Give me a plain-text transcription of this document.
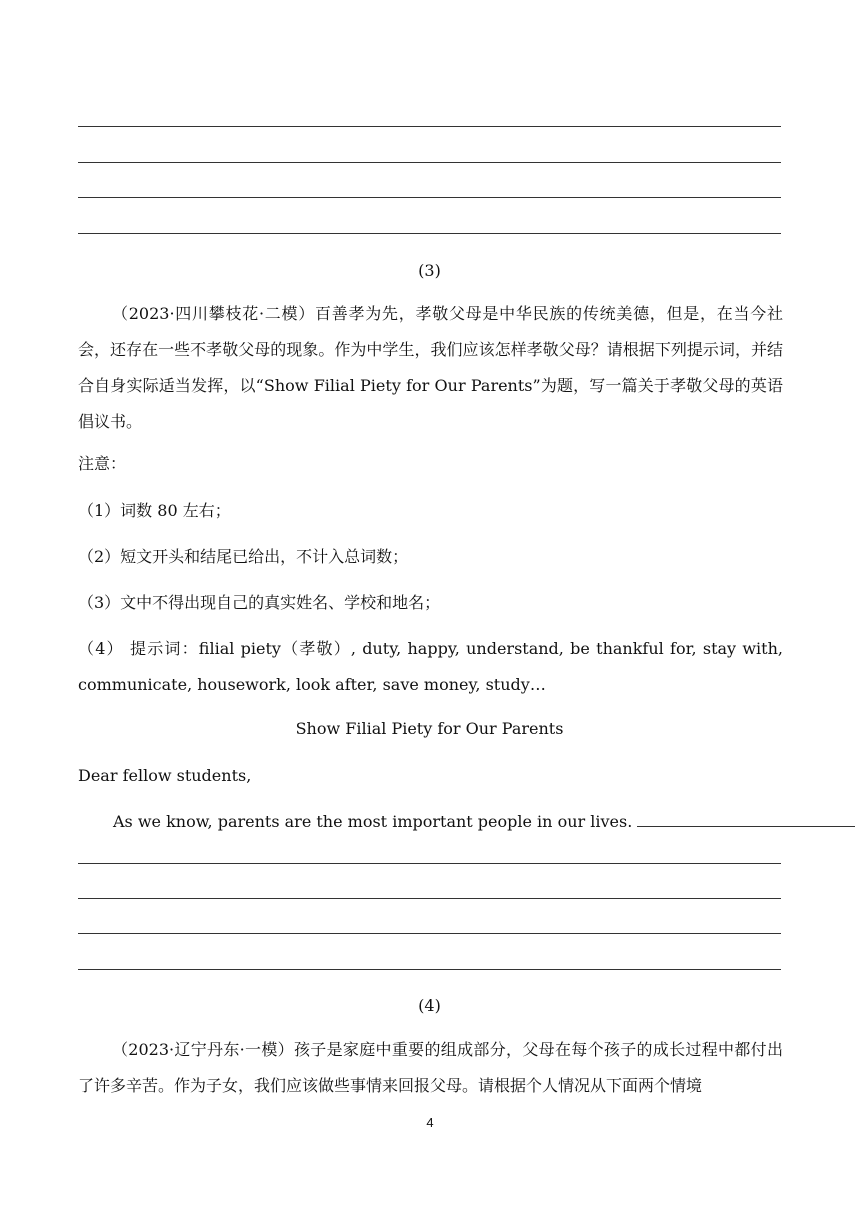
(3)

（2023·四川攀枝花·二模）百善孝为先，孝敬父母是中华民族的传统美德，但是，在当今社会，还存在一些不孝敬父母的现象。作为中学生，我们应该怎样孝敬父母？请根据下列提示词，并结合自身实际适当发挥，以“Show Filial Piety for Our Parents”为题，写一篇关于孝敬父母的英语倡议书。

注意：

（1）词数 80 左右；

（2）短文开头和结尾已给出，不计入总词数；

（3）文中不得出现自己的真实姓名、学校和地名；

（4） 提示词：filial piety（孝敬）, duty, happy, understand, be thankful for, stay with, communicate, housework, look after, save money, study…

Show Filial Piety for Our Parents

Dear fellow students,

As we know, parents are the most important people in our lives.

(4)

（2023·辽宁丹东·一模）孩子是家庭中重要的组成部分，父母在每个孩子的成长过程中都付出了许多辛苦。作为子女，我们应该做些事情来回报父母。请根据个人情况从下面两个情境

4
